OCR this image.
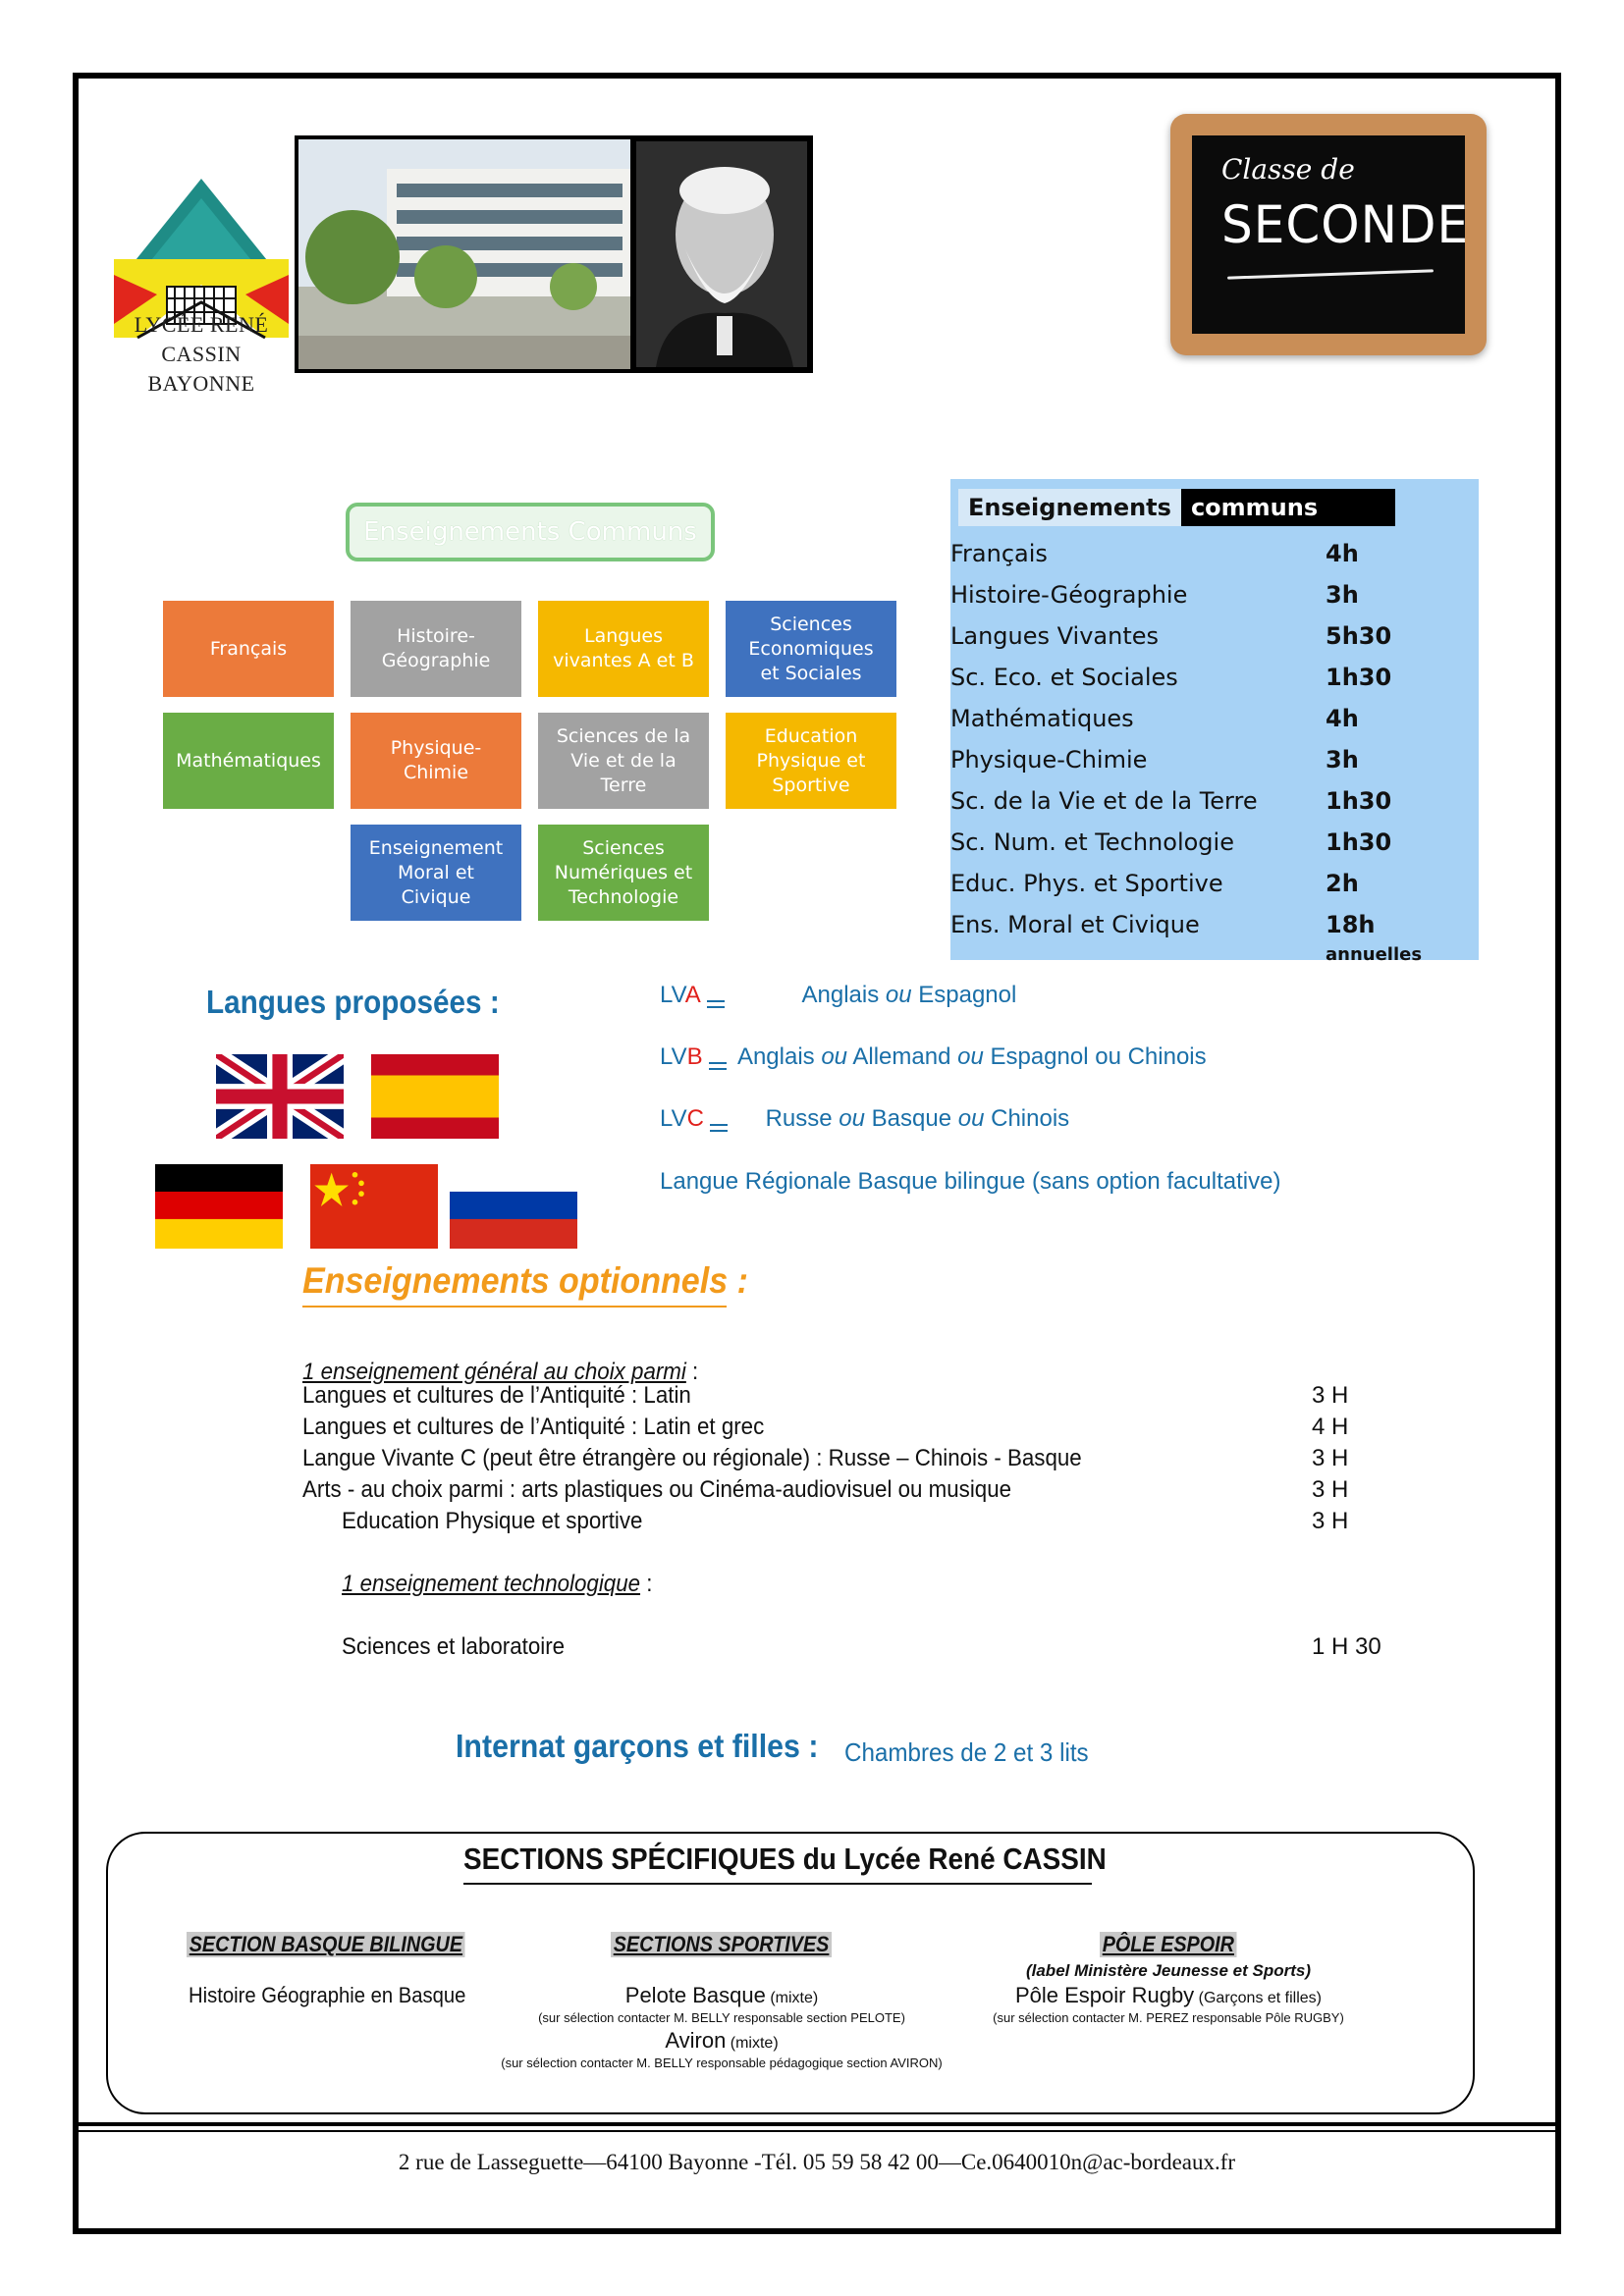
LYCÉE RENÉ CASSIN
BAYONNE
Classe de
SECONDE
Enseignements Communs
Français
Histoire-
Géographie
Langues
vivantes A et B
Sciences
Economiques
et Sociales
Mathématiques
Physique-
Chimie
Sciences de la
Vie et de la
Terre
Education
Physique et
Sportive
Enseignement
Moral et
Civique
Sciences
Numériques et
Technologie
Enseignements communs
Français	4h
Histoire-Géographie	3h
Langues Vivantes	5h30
Sc. Eco. et Sociales	1h30
Mathématiques	4h
Physique-Chimie	3h
Sc. de la Vie et de la Terre	1h30
Sc. Num. et Technologie	1h30
Educ. Phys. et Sportive	2h
Ens. Moral et Civique	18h annuelles
Langues proposées :	LVA	Anglais ou Espagnol
LVB Anglais ou Allemand ou Espagnol ou Chinois
LVC	Russe ou Basque ou Chinois
Langue Régionale Basque bilingue (sans option facultative)
Enseignements optionnels :
1 enseignement général au choix parmi :
Langues et cultures de l’Antiquité : Latin	3 H
Langues et cultures de l’Antiquité : Latin et grec	4 H
Langue Vivante C (peut être étrangère ou régionale) : Russe – Chinois - Basque	3 H
Arts - au choix parmi : arts plastiques ou Cinéma-audiovisuel ou musique	3 H
Education Physique et sportive	3 H
1 enseignement technologique :
Sciences et laboratoire	1 H 30
Internat garçons et filles : Chambres de 2 et 3 lits
SECTIONS SPÉCIFIQUES du Lycée René CASSIN
SECTION BASQUE BILINGUE
Histoire Géographie en Basque
SECTIONS SPORTIVES
Pelote Basque (mixte)
(sur sélection contacter M. BELLY responsable section PELOTE)
Aviron (mixte)
(sur sélection contacter M. BELLY responsable pédagogique section AVIRON)
PÔLE ESPOIR
(label Ministère Jeunesse et Sports)
Pôle Espoir Rugby (Garçons et filles)
(sur sélection contacter M. PEREZ responsable Pôle RUGBY)
2 rue de Lasseguette—64100 Bayonne -Tél. 05 59 58 42 00—Ce.0640010n@ac-bordeaux.fr
